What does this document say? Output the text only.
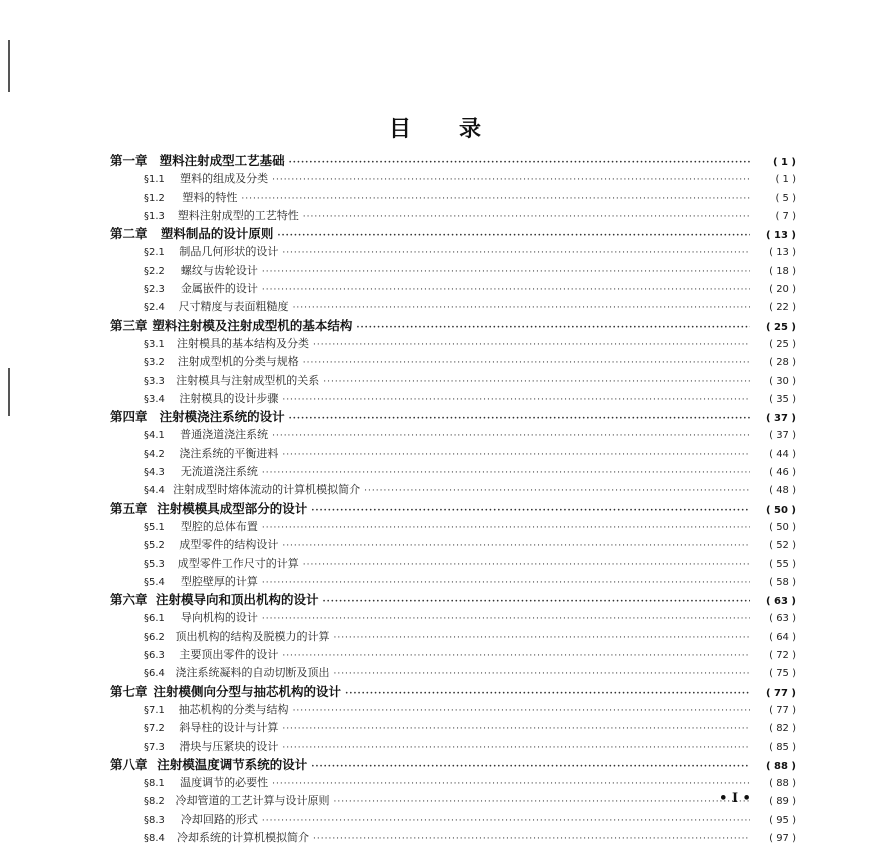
目 录
第一章 塑料注射成型工艺基础 ·····	( 1 )
§1.1	塑料的组成及分类 ·····	( 1 )
§1.2	塑料的特性 ·····	( 5 )
§1.3	塑料注射成型的工艺特性 ·····	( 7 )
第二章	塑料制品的设计原则 ·····	( 13 )
§2.1	制品几何形状的设计 ·····	( 13 )
§2.2	螺纹与齿轮设计 ·····	( 18 )
§2.3	金属嵌件的设计 ·····	( 20 )
§2.4	尺寸精度与表面粗糙度 ·····	( 22 )
第三章 塑料注射模及注射成型机的基本结构 ·····	( 25 )
§3.1	注射模具的基本结构及分类 ·····	( 25 )
§3.2	注射成型机的分类与规格 ·····	( 28 )
§3.3	注射模具与注射成型机的关系 ·····	( 30 )
§3.4	注射模具的设计步骤 ·····	( 35 )
第四章 注射模浇注系统的设计 ·····	( 37 )
§4.1	普通浇道浇注系统 ·····	( 37 )
§4.2	浇注系统的平衡进料 ·····	( 44 )
§4.3	无流道浇注系统 ·····	( 46 )
§4.4 注射成型时熔体流动的计算机模拟简介 ·····	( 48 )
第五章 注射模模具成型部分的设计 ·····	( 50 )
§5.1	型腔的总体布置 ·····	( 50 )
§5.2	成型零件的结构设计 ·····	( 52 )
§5.3	成型零件工作尺寸的计算 ·····	( 55 )
§5.4	型腔壁厚的计算 ·····	( 58 )
第六章 注射模导向和顶出机构的设计 ·····	( 63 )
§6.1	导向机构的设计 ·····	( 63 )
§6.2 顶出机构的结构及脱模力的计算 ·····	( 64 )
§6.3	主要顶出零件的设计 ·····	( 72 )
§6.4 浇注系统凝料的自动切断及顶出 ·····	( 75 )
第七章 注射模侧向分型与抽芯机构的设计 ·····	( 77 )
§7.1	抽芯机构的分类与结构 ·····	( 77 )
§7.2	斜导柱的设计与计算 ·····	( 82 )
§7.3	滑块与压紧块的设计 ·····	( 85 )
第八章 注射模温度调节系统的设计 ·····	( 88 )
§8.1	温度调节的必要性 ·····	( 88 )
§8.2 冷却管道的工艺计算与设计原则 ·····	( 89 )
§8.3	冷却回路的形式 ·····	( 95 )
§8.4	冷却系统的计算机模拟简介 ·····	( 97 )
• I •
